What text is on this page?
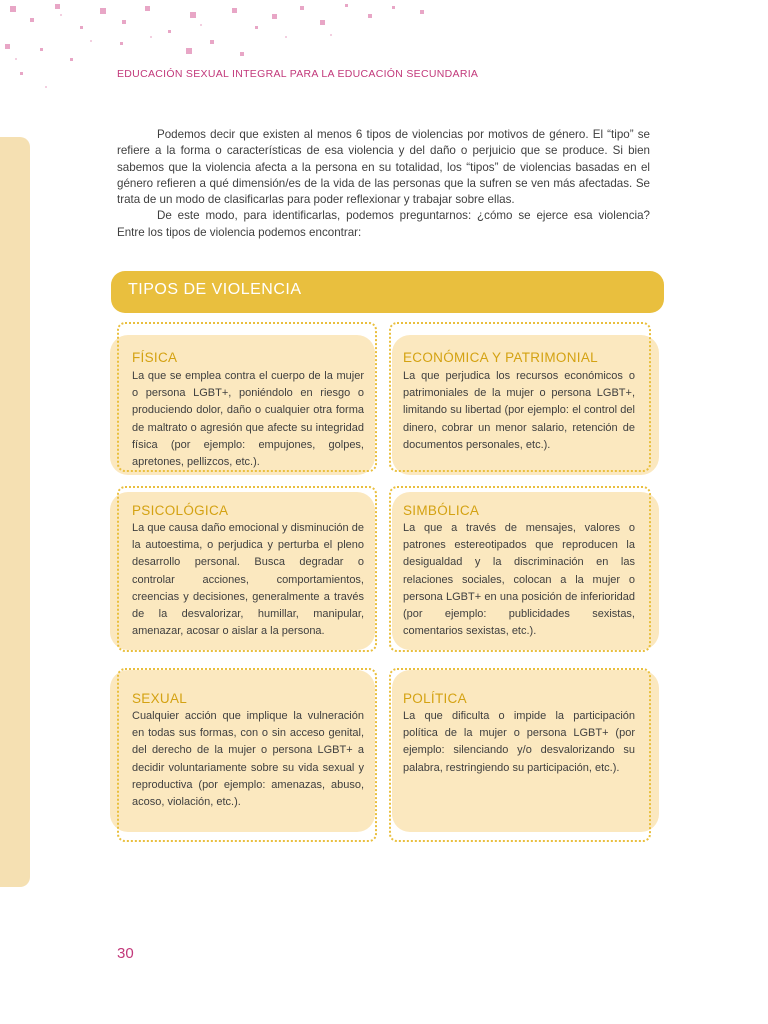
EDUCACIÓN SEXUAL INTEGRAL PARA LA EDUCACIÓN SECUNDARIA

Podemos decir que existen al menos 6 tipos de violencias por motivos de género. El “tipo” se refiere a la forma o características de esa violencia y del daño o perjuicio que se produce. Si bien sabemos que la violencia afecta a la persona en su totalidad, los “tipos” de violencias basadas en el género refieren a qué dimensión/es de la vida de las personas que la sufren se ven más afectadas. Se trata de un modo de clasificarlas para poder reflexionar y trabajar sobre ellas.

De este modo, para identificarlas, podemos preguntarnos: ¿cómo se ejerce esa violencia? Entre los tipos de violencia podemos encontrar:

TIPOS DE VIOLENCIA
FÍSICA
La que se emplea contra el cuerpo de la mujer o persona LGBT+, poniéndolo en riesgo o produciendo dolor, daño o cualquier otra forma de maltrato o agresión que afecte su integridad física (por ejemplo: empujones, golpes, apretones, pellizcos, etc.).
ECONÓMICA Y PATRIMONIAL
La que perjudica los recursos económicos o patrimoniales de la mujer o persona LGBT+, limitando su libertad (por ejemplo: el control del dinero, cobrar un menor salario, retención de documentos personales, etc.).
PSICOLÓGICA
La que causa daño emocional y disminución de la autoestima, o perjudica y perturba el pleno desarrollo personal. Busca degradar o controlar acciones, comportamientos, creencias y decisiones, generalmente a través de la desvalorizar, humillar, manipular, amenazar, acosar o aislar a la persona.
SIMBÓLICA
La que a través de mensajes, valores o patrones estereotipados que reproducen la desigualdad y la discriminación en las relaciones sociales, colocan a la mujer o persona LGBT+ en una posición de inferioridad (por ejemplo: publicidades sexistas, comentarios sexistas, etc.).
SEXUAL
Cualquier acción que implique la vulneración en todas sus formas, con o sin acceso genital, del derecho de la mujer o persona LGBT+ a decidir voluntariamente sobre su vida sexual y reproductiva (por ejemplo: amenazas, abuso, acoso, violación, etc.).
POLÍTICA
La que dificulta o impide la participación política de la mujer o persona LGBT+ (por ejemplo: silenciando y/o desvalorizando su palabra, restringiendo su participación, etc.).
30
